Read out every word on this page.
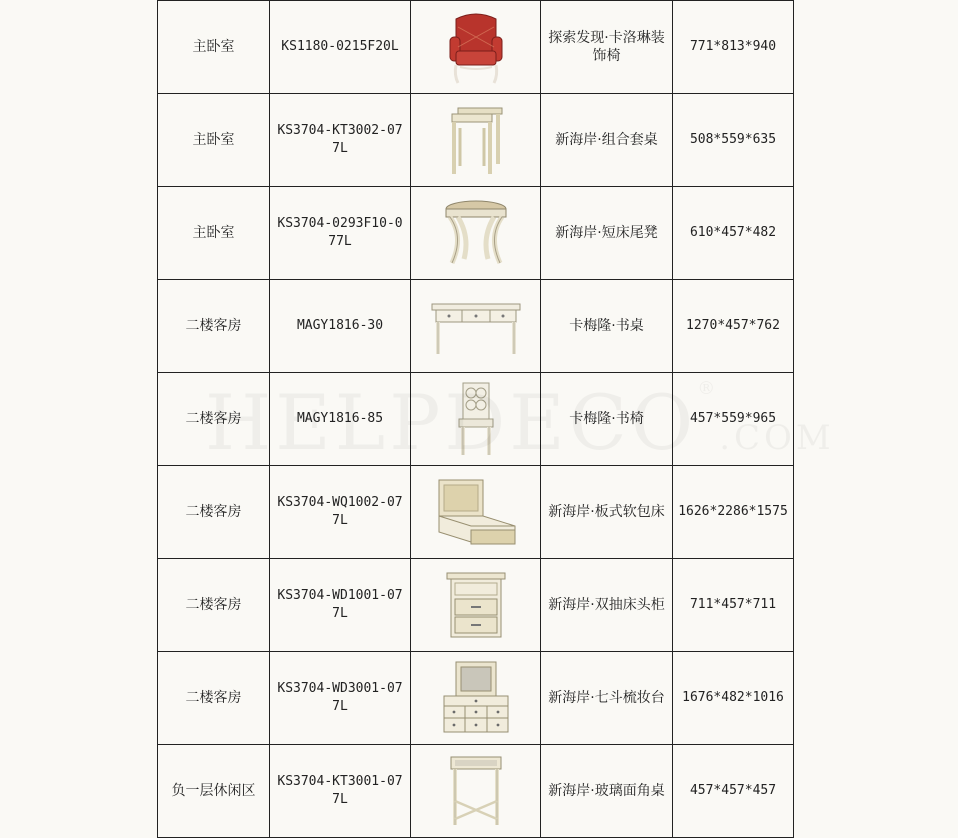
主卧室	KS1180-0215F20L		探索发现·卡洛琳装饰椅	771*813*940
主卧室	KS3704-KT3002-077L		新海岸·组合套桌	508*559*635
主卧室	KS3704-0293F10-077L		新海岸·短床尾凳	610*457*482
二楼客房	MAGY1816-30		卡梅隆·书桌	1270*457*762
二楼客房	MAGY1816-85		卡梅隆·书椅	457*559*965
二楼客房	KS3704-WQ1002-077L		新海岸·板式软包床	1626*2286*1575
二楼客房	KS3704-WD1001-077L		新海岸·双抽床头柜	711*457*711
二楼客房	KS3704-WD3001-077L		新海岸·七斗梳妆台	1676*482*1016
负一层休闲区	KS3704-KT3001-077L		新海岸·玻璃面角桌	457*457*457
